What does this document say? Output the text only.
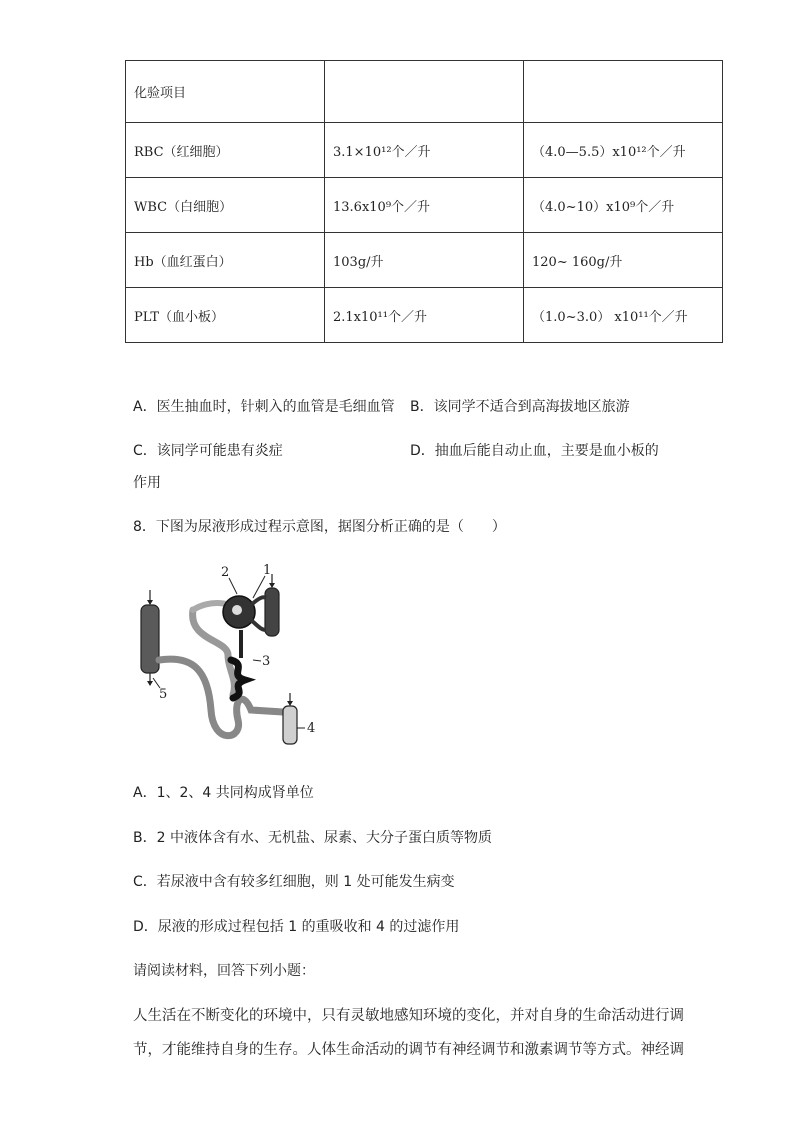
化验项目		
RBC（红细胞）	3.1×10¹²个／升	（4.0—5.5）x10¹²个／升
WBC（白细胞）	13.6x10⁹个／升	（4.0~10）x10⁹个／升
Hb（血红蛋白）	103g/升	120~ 160g/升
PLT（血小板）	2.1x10¹¹个／升	（1.0~3.0） x10¹¹个／升
A．医生抽血时，针刺入的血管是毛细血管 B．该同学不适合到高海拔地区旅游
C．该同学可能患有炎症	D．抽血后能自动止血，主要是血小板的
作用
8．下图为尿液形成过程示意图，据图分析正确的是（　　）
2	1
3
5
4
A．1、2、4 共同构成肾单位
B．2 中液体含有水、无机盐、尿素、大分子蛋白质等物质
C．若尿液中含有较多红细胞，则 1 处可能发生病变
D．尿液的形成过程包括 1 的重吸收和 4 的过滤作用
请阅读材料，回答下列小题：
人生活在不断变化的环境中，只有灵敏地感知环境的变化，并对自身的生命活动进行调
节，才能维持自身的生存。人体生命活动的调节有神经调节和激素调节等方式。神经调
